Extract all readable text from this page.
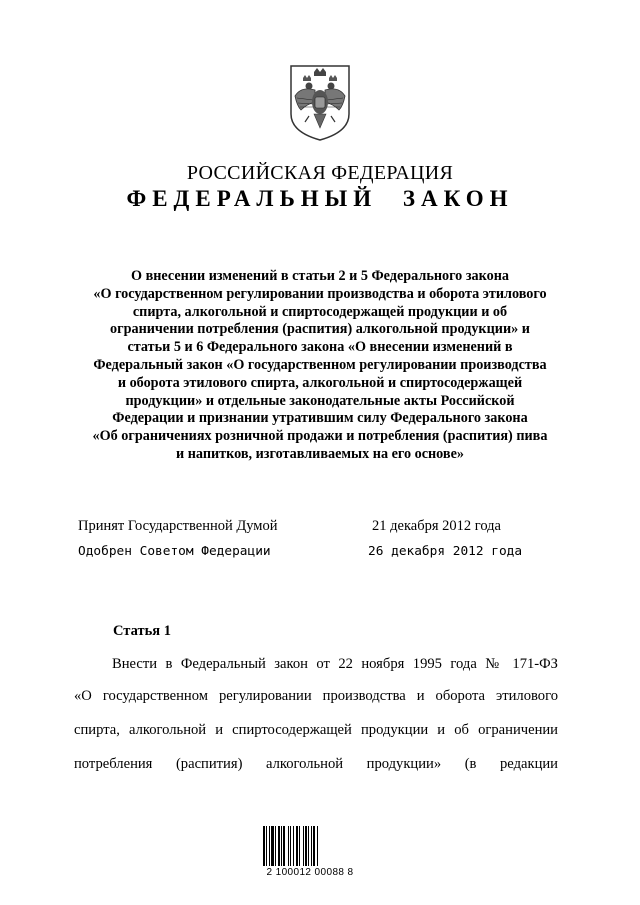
РОССИЙСКАЯ ФЕДЕРАЦИЯ
ФЕДЕРАЛЬНЫЙ ЗАКОН
О внесении изменений в статьи 2 и 5 Федерального закона
«О государственном регулировании производства и оборота этилового
спирта, алкогольной и спиртосодержащей продукции и об
ограничении потребления (распития) алкогольной продукции» и
статьи 5 и 6 Федерального закона «О внесении изменений в
Федеральный закон «О государственном регулировании производства
и оборота этилового спирта, алкогольной и спиртосодержащей
продукции» и отдельные законодательные акты Российской
Федерации и признании утратившим силу Федерального закона
«Об ограничениях розничной продажи и потребления (распития) пива
и напитков, изготавливаемых на его основе»
Принят Государственной Думой	21 декабря 2012 года
Одобрен Советом Федерации	26 декабря 2012 года
Статья 1
Внести в Федеральный закон от 22 ноября 1995 года № 171-ФЗ
«О государственном регулировании производства и оборота этилового
спирта, алкогольной и спиртосодержащей продукции и об ограничении
потребления (распития) алкогольной продукции» (в редакции
2 100012 00088 8
